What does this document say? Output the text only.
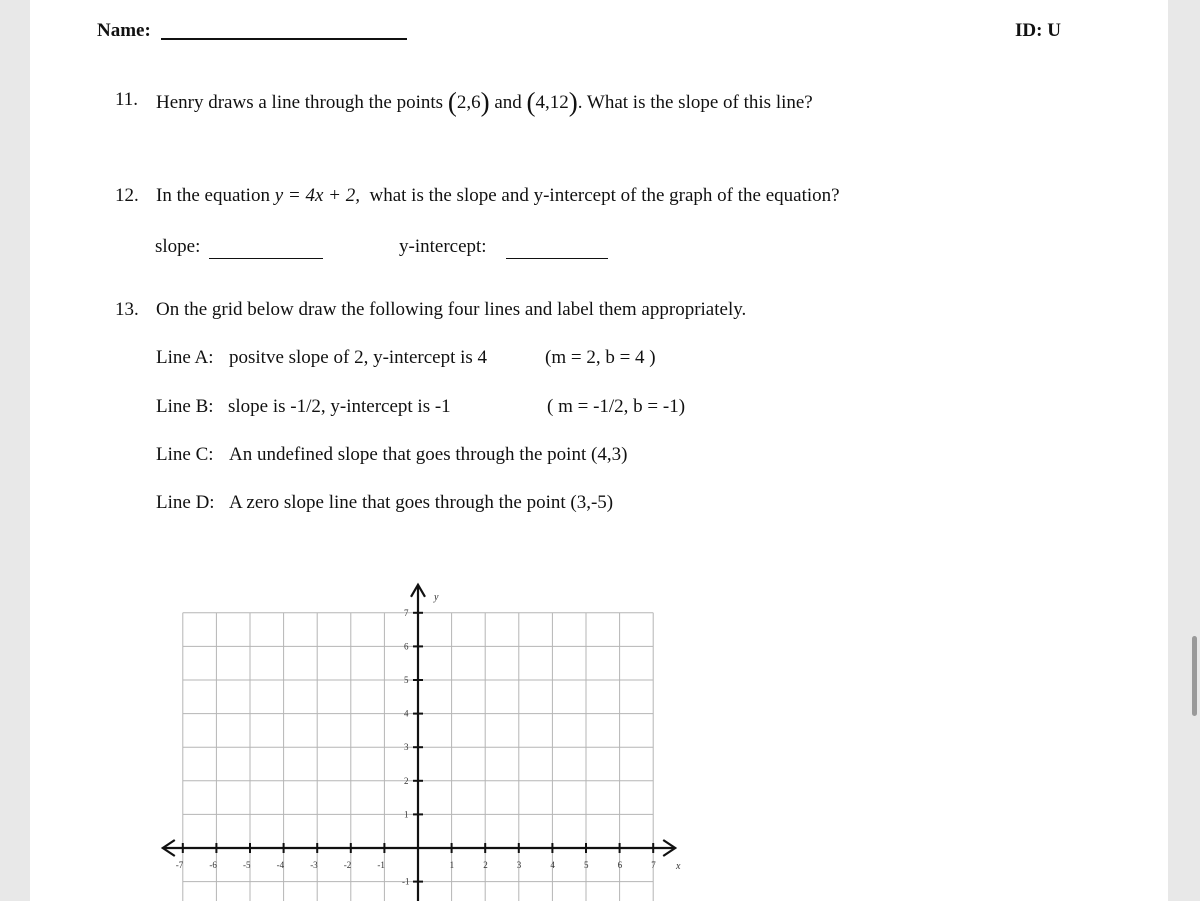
Name:	ID: U
11. Henry draws a line through the points (2,6) and (4,12). What is the slope of this line?
12. In the equation y = 4x + 2, what is the slope and y-intercept of the graph of the equation?
slope:	y-intercept:
13. On the grid below draw the following four lines and label them appropriately.
Line A: positve slope of 2, y-intercept is 4	(m = 2, b = 4 )
Line B: slope is -1/2, y-intercept is -1	( m = -1/2, b = -1)
Line C: An undefined slope that goes through the point (4,3)
Line D: A zero slope line that goes through the point (3,-5)
-7	-6	-5	-4	-3	-2	-1	1	2	3	4	5	6	7
7
6
5
4
3
2
1
-1
x
y
